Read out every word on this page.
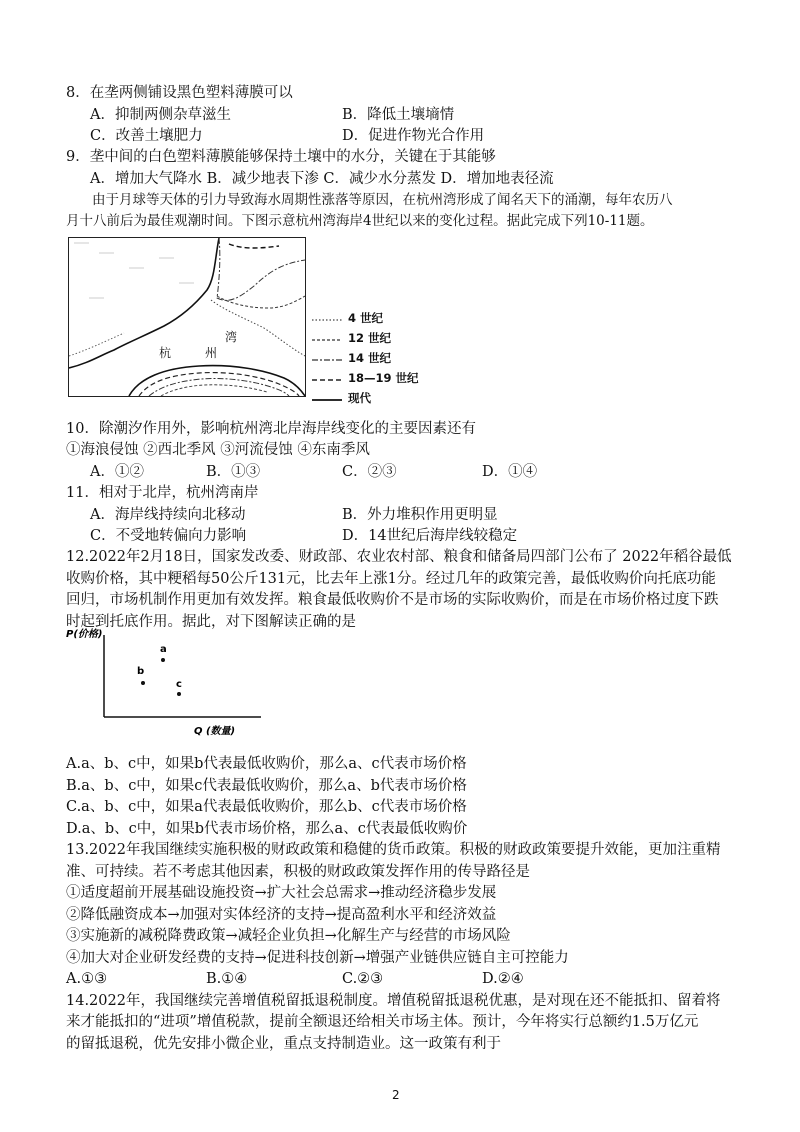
8．在垄两侧铺设黑色塑料薄膜可以
A．抑制两侧杂草滋生	B．降低土壤墒情
C．改善土壤肥力	D．促进作物光合作用
9．垄中间的白色塑料薄膜能够保持土壤中的水分，关键在于其能够
A．增加大气降水 B．减少地表下渗 C．减少水分蒸发 D．增加地表径流
由于月球等天体的引力导致海水周期性涨落等原因，在杭州湾形成了闻名天下的涌潮，每年农历八
月十八前后为最佳观潮时间。下图示意杭州湾海岸4世纪以来的变化过程。据此完成下列10-11题。
湾
杭	州
4 世纪
12 世纪
14 世纪
18—19 世纪
现代
10．除潮汐作用外，影响杭州湾北岸海岸线变化的主要因素还有
①海浪侵蚀 ②西北季风 ③河流侵蚀 ④东南季风
A．①②	B．①③	C．②③	D．①④
11．相对于北岸，杭州湾南岸
A．海岸线持续向北移动	B．外力堆积作用更明显
C．不受地转偏向力影响	D．14世纪后海岸线较稳定
12.2022年2月18日，国家发改委、财政部、农业农村部、粮食和储备局四部门公布了 2022年稻谷最低
收购价格，其中粳稻每50公斤131元，比去年上涨1分。经过几年的政策完善，最低收购价向托底功能
回归，市场机制作用更加有效发挥。粮食最低收购价不是市场的实际收购价，而是在市场价格过度下跌
时起到托底作用。据此，对下图解读正确的是
a
b
c
P(价格)
Q (数量)
A.a、b、c中，如果b代表最低收购价，那么a、c代表市场价格
B.a、b、c中，如果c代表最低收购价，那么a、b代表市场价格
C.a、b、c中，如果a代表最低收购价，那么b、c代表市场价格
D.a、b、c中，如果b代表市场价格，那么a、c代表最低收购价
13.2022年我国继续实施积极的财政政策和稳健的货币政策。积极的财政政策要提升效能，更加注重精
准、可持续。若不考虑其他因素，积极的财政政策发挥作用的传导路径是
①适度超前开展基础设施投资→扩大社会总需求→推动经济稳步发展
②降低融资成本→加强对实体经济的支持→提高盈利水平和经济效益
③实施新的减税降费政策→减轻企业负担→化解生产与经营的市场风险
④加大对企业研发经费的支持→促进科技创新→增强产业链供应链自主可控能力
A.①③	B.①④	C.②③	D.②④
14.2022年，我国继续完善增值税留抵退税制度。增值税留抵退税优惠，是对现在还不能抵扣、留着将
来才能抵扣的“进项”增值税款，提前全额退还给相关市场主体。预计，今年将实行总额约1.5万亿元
的留抵退税，优先安排小微企业，重点支持制造业。这一政策有利于
2
